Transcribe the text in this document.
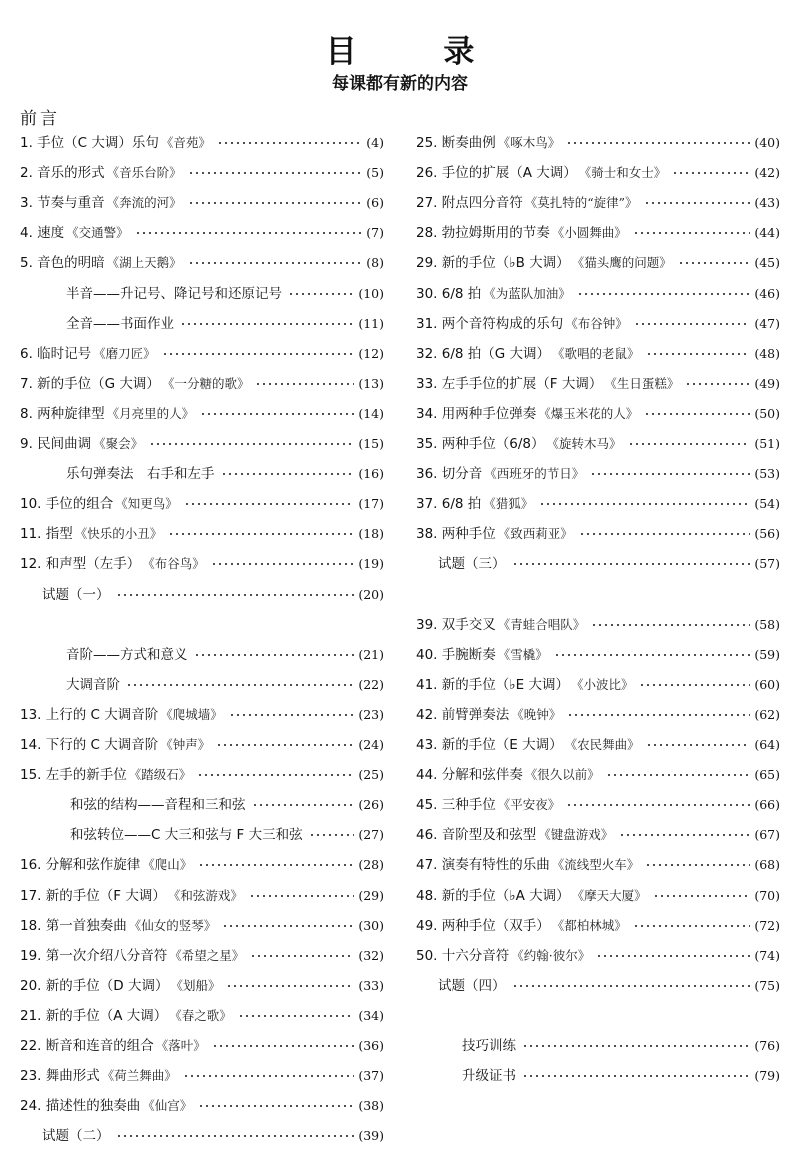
目 录
每课都有新的内容
前言
1. 手位（C 大调）乐句 《音苑》	(4)
2. 音乐的形式 《音乐台阶》	(5)
3. 节奏与重音 《奔流的河》	(6)
4. 速度 《交通警》	(7)
5. 音色的明暗 《湖上天鹅》	(8)
半音——升记号、降记号和还原记号	(10)
全音——书面作业	(11)
6. 临时记号 《磨刀匠》	(12)
7. 新的手位（G 大调） 《一分糖的歌》	(13)
8. 两种旋律型 《月亮里的人》	(14)
9. 民间曲调 《聚会》	(15)
乐句弹奏法　右手和左手	(16)
10. 手位的组合 《知更鸟》	(17)
11. 指型 《快乐的小丑》	(18)
12. 和声型（左手） 《布谷鸟》	(19)
试题（一）	(20)
音阶——方式和意义	(21)
大调音阶	(22)
13. 上行的 C 大调音阶 《爬城墙》	(23)
14. 下行的 C 大调音阶 《钟声》	(24)
15. 左手的新手位 《踏级石》	(25)
和弦的结构——音程和三和弦	(26)
和弦转位——C 大三和弦与 F 大三和弦	(27)
16. 分解和弦作旋律 《爬山》	(28)
17. 新的手位（F 大调） 《和弦游戏》	(29)
18. 第一首独奏曲 《仙女的竖琴》	(30)
19. 第一次介绍八分音符 《希望之星》	(32)
20. 新的手位（D 大调） 《划船》	(33)
21. 新的手位（A 大调） 《春之歌》	(34)
22. 断音和连音的组合 《落叶》	(36)
23. 舞曲形式 《荷兰舞曲》	(37)
24. 描述性的独奏曲 《仙宫》	(38)
试题（二）	(39)
25. 断奏曲例 《啄木鸟》	(40)
26. 手位的扩展（A 大调） 《骑士和女士》	(42)
27. 附点四分音符 《莫扎特的“旋律”》	(43)
28. 勃拉姆斯用的节奏 《小圆舞曲》	(44)
29. 新的手位（♭B 大调） 《猫头鹰的问题》	(45)
30. 6/8 拍 《为蓝队加油》	(46)
31. 两个音符构成的乐句 《布谷钟》	(47)
32. 6/8 拍（G 大调） 《歌唱的老鼠》	(48)
33. 左手手位的扩展（F 大调） 《生日蛋糕》	(49)
34. 用两种手位弹奏 《爆玉米花的人》	(50)
35. 两种手位（6/8） 《旋转木马》	(51)
36. 切分音 《西班牙的节日》	(53)
37. 6/8 拍 《猎狐》	(54)
38. 两种手位 《致西莉亚》	(56)
试题（三）	(57)
39. 双手交叉 《青蛙合唱队》	(58)
40. 手腕断奏 《雪橇》	(59)
41. 新的手位（♭E 大调） 《小波比》	(60)
42. 前臂弹奏法 《晚钟》	(62)
43. 新的手位（E 大调） 《农民舞曲》	(64)
44. 分解和弦伴奏 《很久以前》	(65)
45. 三种手位 《平安夜》	(66)
46. 音阶型及和弦型 《键盘游戏》	(67)
47. 演奏有特性的乐曲 《流线型火车》	(68)
48. 新的手位（♭A 大调） 《摩天大厦》	(70)
49. 两种手位（双手） 《都柏林城》	(72)
50. 十六分音符 《约翰·彼尔》	(74)
试题（四）	(75)
技巧训练	(76)
升级证书	(79)
